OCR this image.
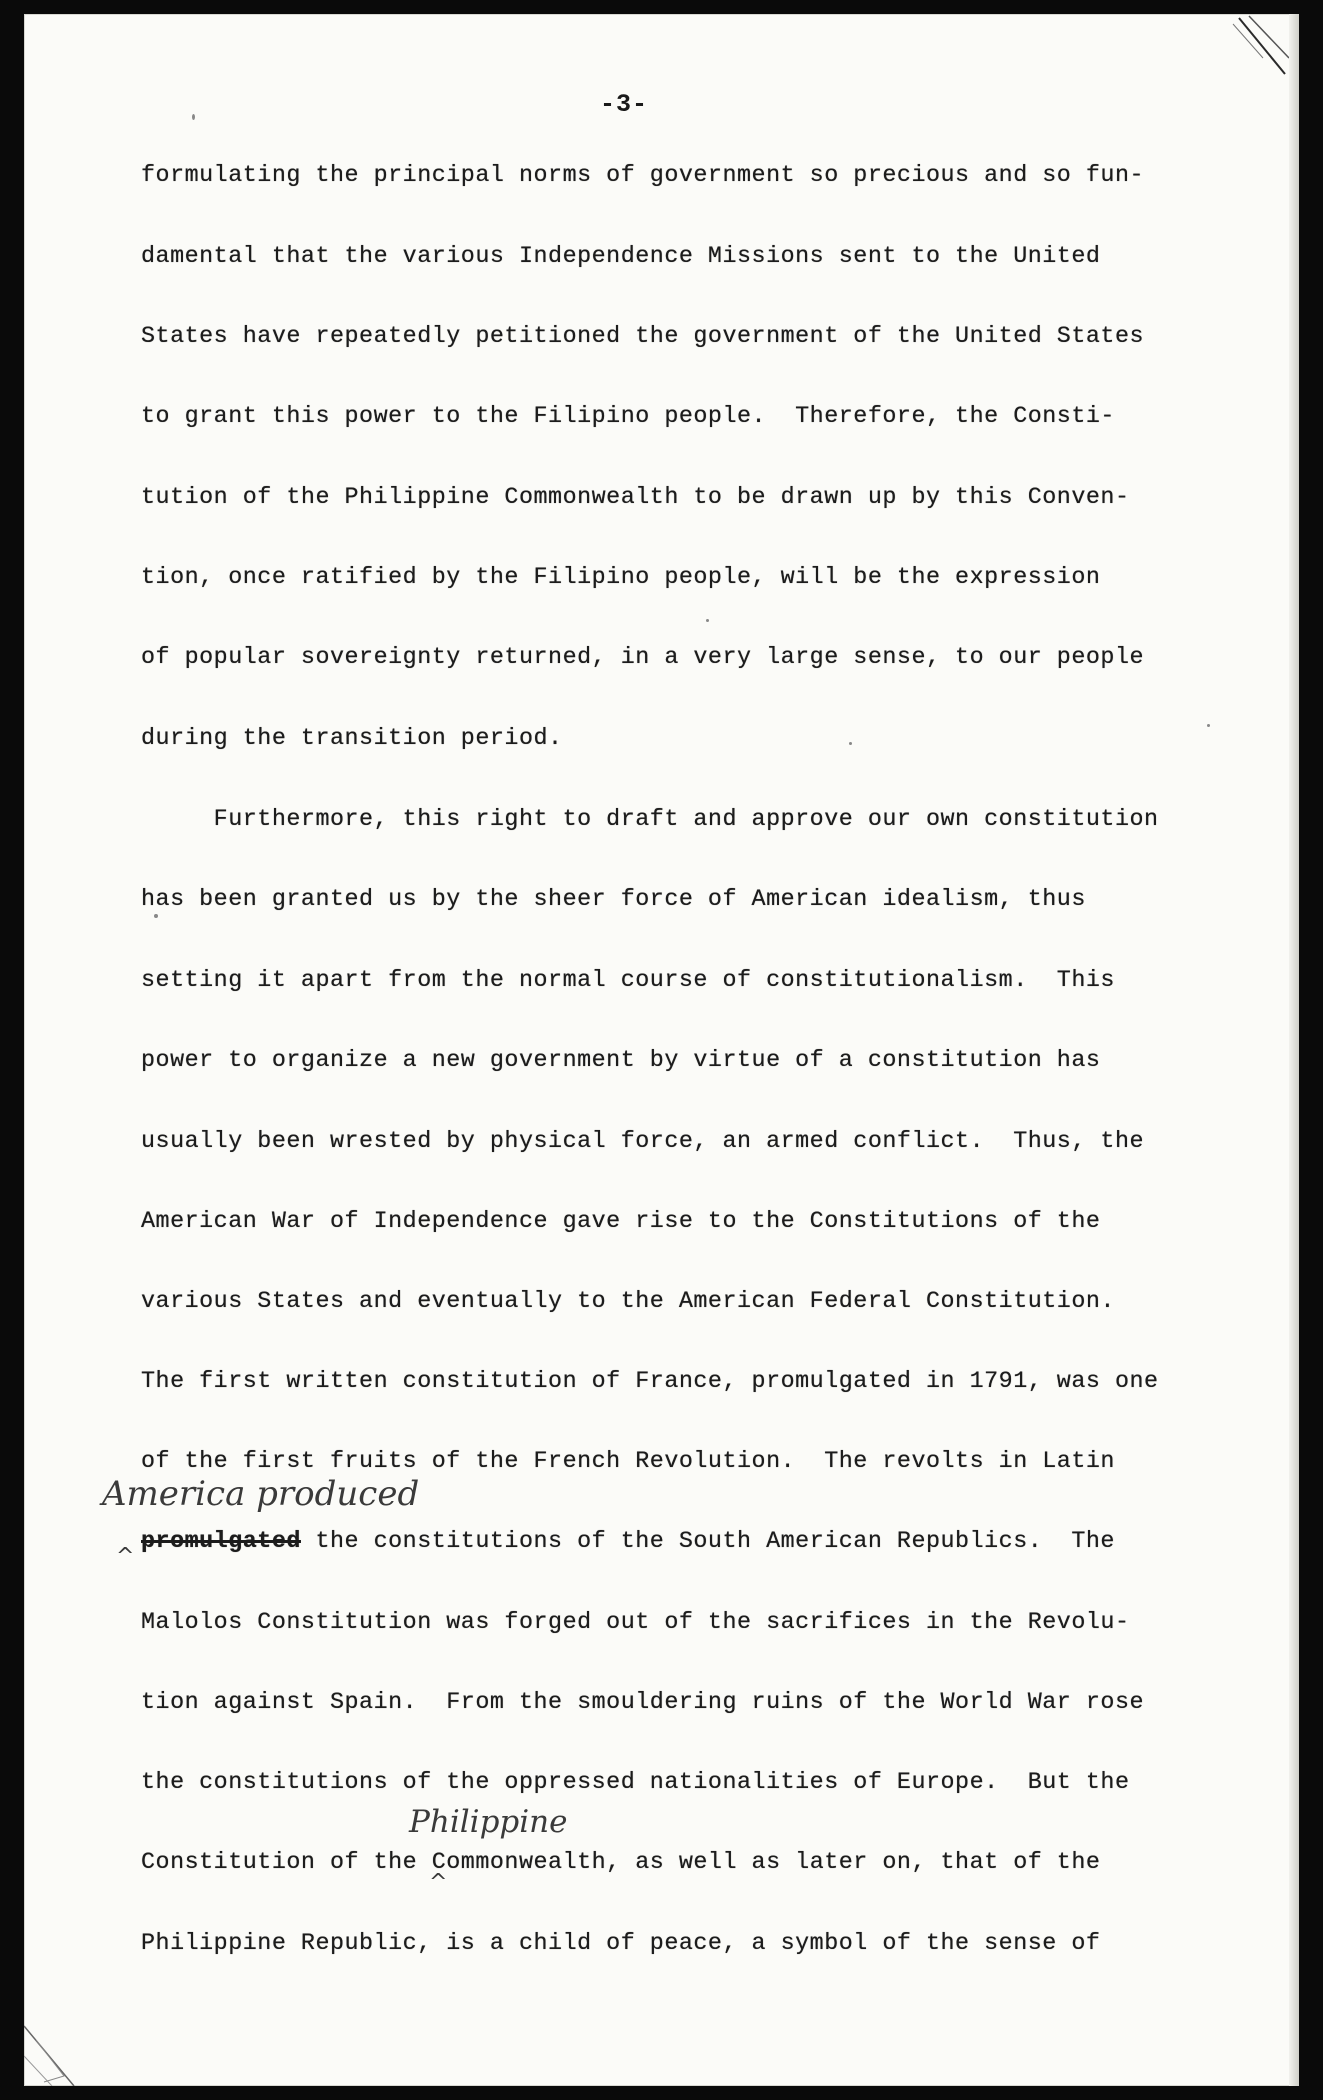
-3-
formulating the principal norms of government so precious and so fun-
damental that the various Independence Missions sent to the United
States have repeatedly petitioned the government of the United States
to grant this power to the Filipino people.  Therefore, the Consti-
tution of the Philippine Commonwealth to be drawn up by this Conven-
tion, once ratified by the Filipino people, will be the expression
of popular sovereignty returned, in a very large sense, to our people
during the transition period.
Furthermore, this right to draft and approve our own constitution
has been granted us by the sheer force of American idealism, thus
setting it apart from the normal course of constitutionalism.  This
power to organize a new government by virtue of a constitution has
usually been wrested by physical force, an armed conflict.  Thus, the
American War of Independence gave rise to the Constitutions of the
various States and eventually to the American Federal Constitution.
The first written constitution of France, promulgated in 1791, was one
of the first fruits of the French Revolution.  The revolts in Latin
America produced
^
promulgated the constitutions of the South American Republics.  The
Malolos Constitution was forged out of the sacrifices in the Revolu-
tion against Spain.  From the smouldering ruins of the World War rose
the constitutions of the oppressed nationalities of Europe.  But the
Philippine
^
Constitution of the Commonwealth, as well as later on, that of the
Philippine Republic, is a child of peace, a symbol of the sense of
